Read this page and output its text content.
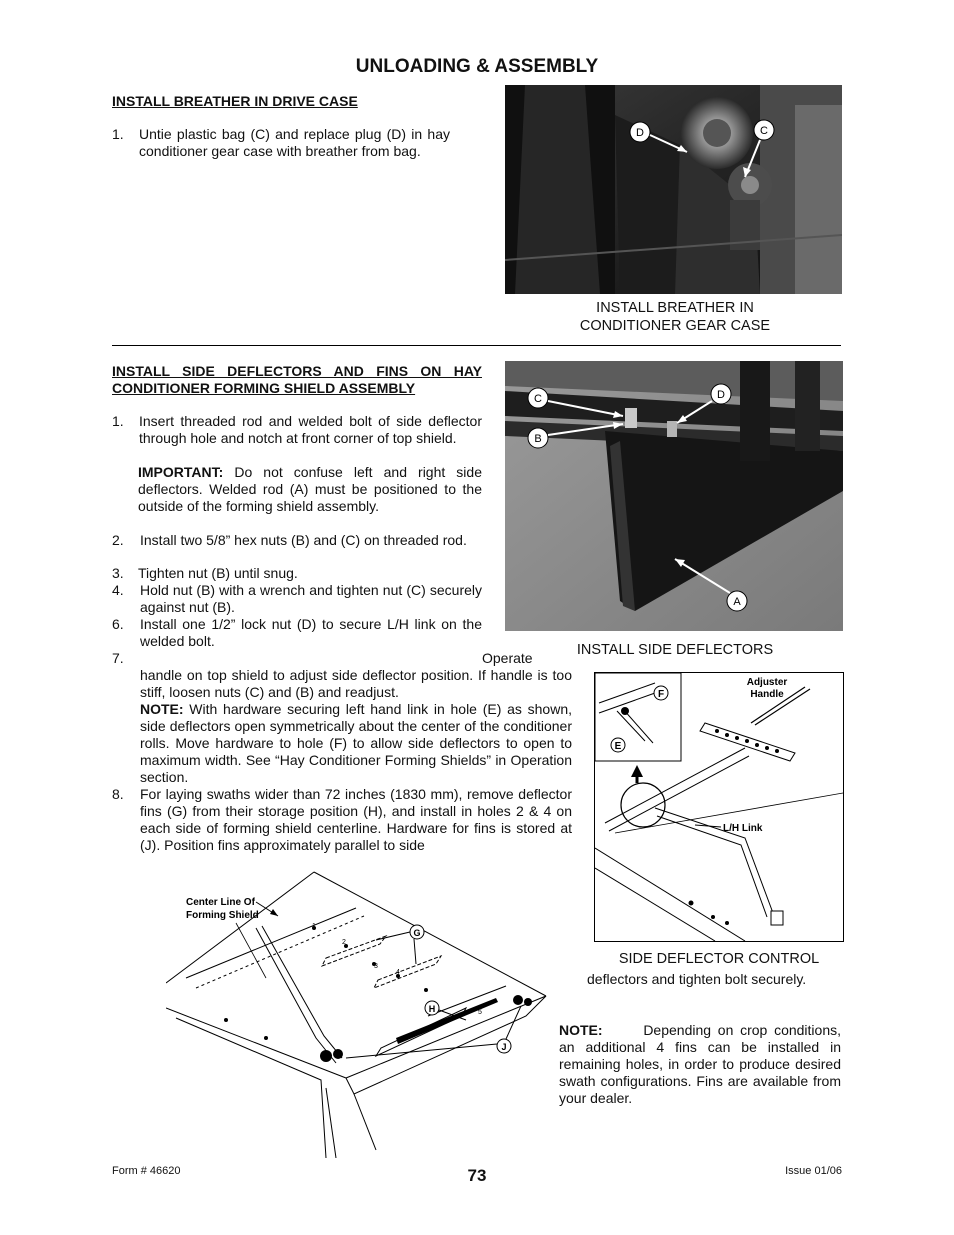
UNLOADING & ASSEMBLY
INSTALL BREATHER IN DRIVE CASE
1. Untie plastic bag (C) and replace plug (D) in hay conditioner gear case with breather from bag.
D	C
INSTALL BREATHER IN
CONDITIONER GEAR CASE
INSTALL SIDE DEFLECTORS AND FINS ON HAY
CONDITIONER FORMING SHIELD ASSEMBLY
1. Insert threaded rod and welded bolt of side deflector through hole and notch at front corner of top shield.
IMPORTANT: Do not confuse left and right side deflectors. Welded rod (A) must be positioned to the outside of the forming shield assembly.
2. Install two 5/8” hex nuts (B) and (C) on threaded rod.
3. Tighten nut (B) until snug.
4. Hold nut (B) with a wrench and tighten nut (C) securely against nut (B).
6. Install one 1/2” lock nut (D) to secure L/H link on the welded bolt.
7.	Operate handle on top shield to adjust side deflector position. If handle is too stiff, loosen nuts (C) and (B) and readjust.
NOTE: With hardware securing left hand link in hole (E) as shown, side deflectors open symmetrically about the center of the conditioner rolls. Move hardware to hole (F) to allow side deflectors to open to maximum width. See “Hay Conditioner Forming Shields” in Operation section.
8. For laying swaths wider than 72 inches (1830 mm), remove deflector fins (G) from their storage position (H), and install in holes 2 & 4 on each side of forming shield centerline. Hardware for fins is stored at (J). Position fins approximately parallel to side
deflectors and tighten bolt securely.
NOTE:	Depending on crop conditions, an additional 4 fins can be installed in remaining holes, in order to produce desired swath configurations. Fins are available from your dealer.
C	D
B
A
INSTALL SIDE DEFLECTORS
F
E
Adjuster
Handle
L/H Link
SIDE DEFLECTOR CONTROL
Center Line Of
Forming Shield
1
2
3
4
5
G
H
J
Form # 46620	73	Issue 01/06
